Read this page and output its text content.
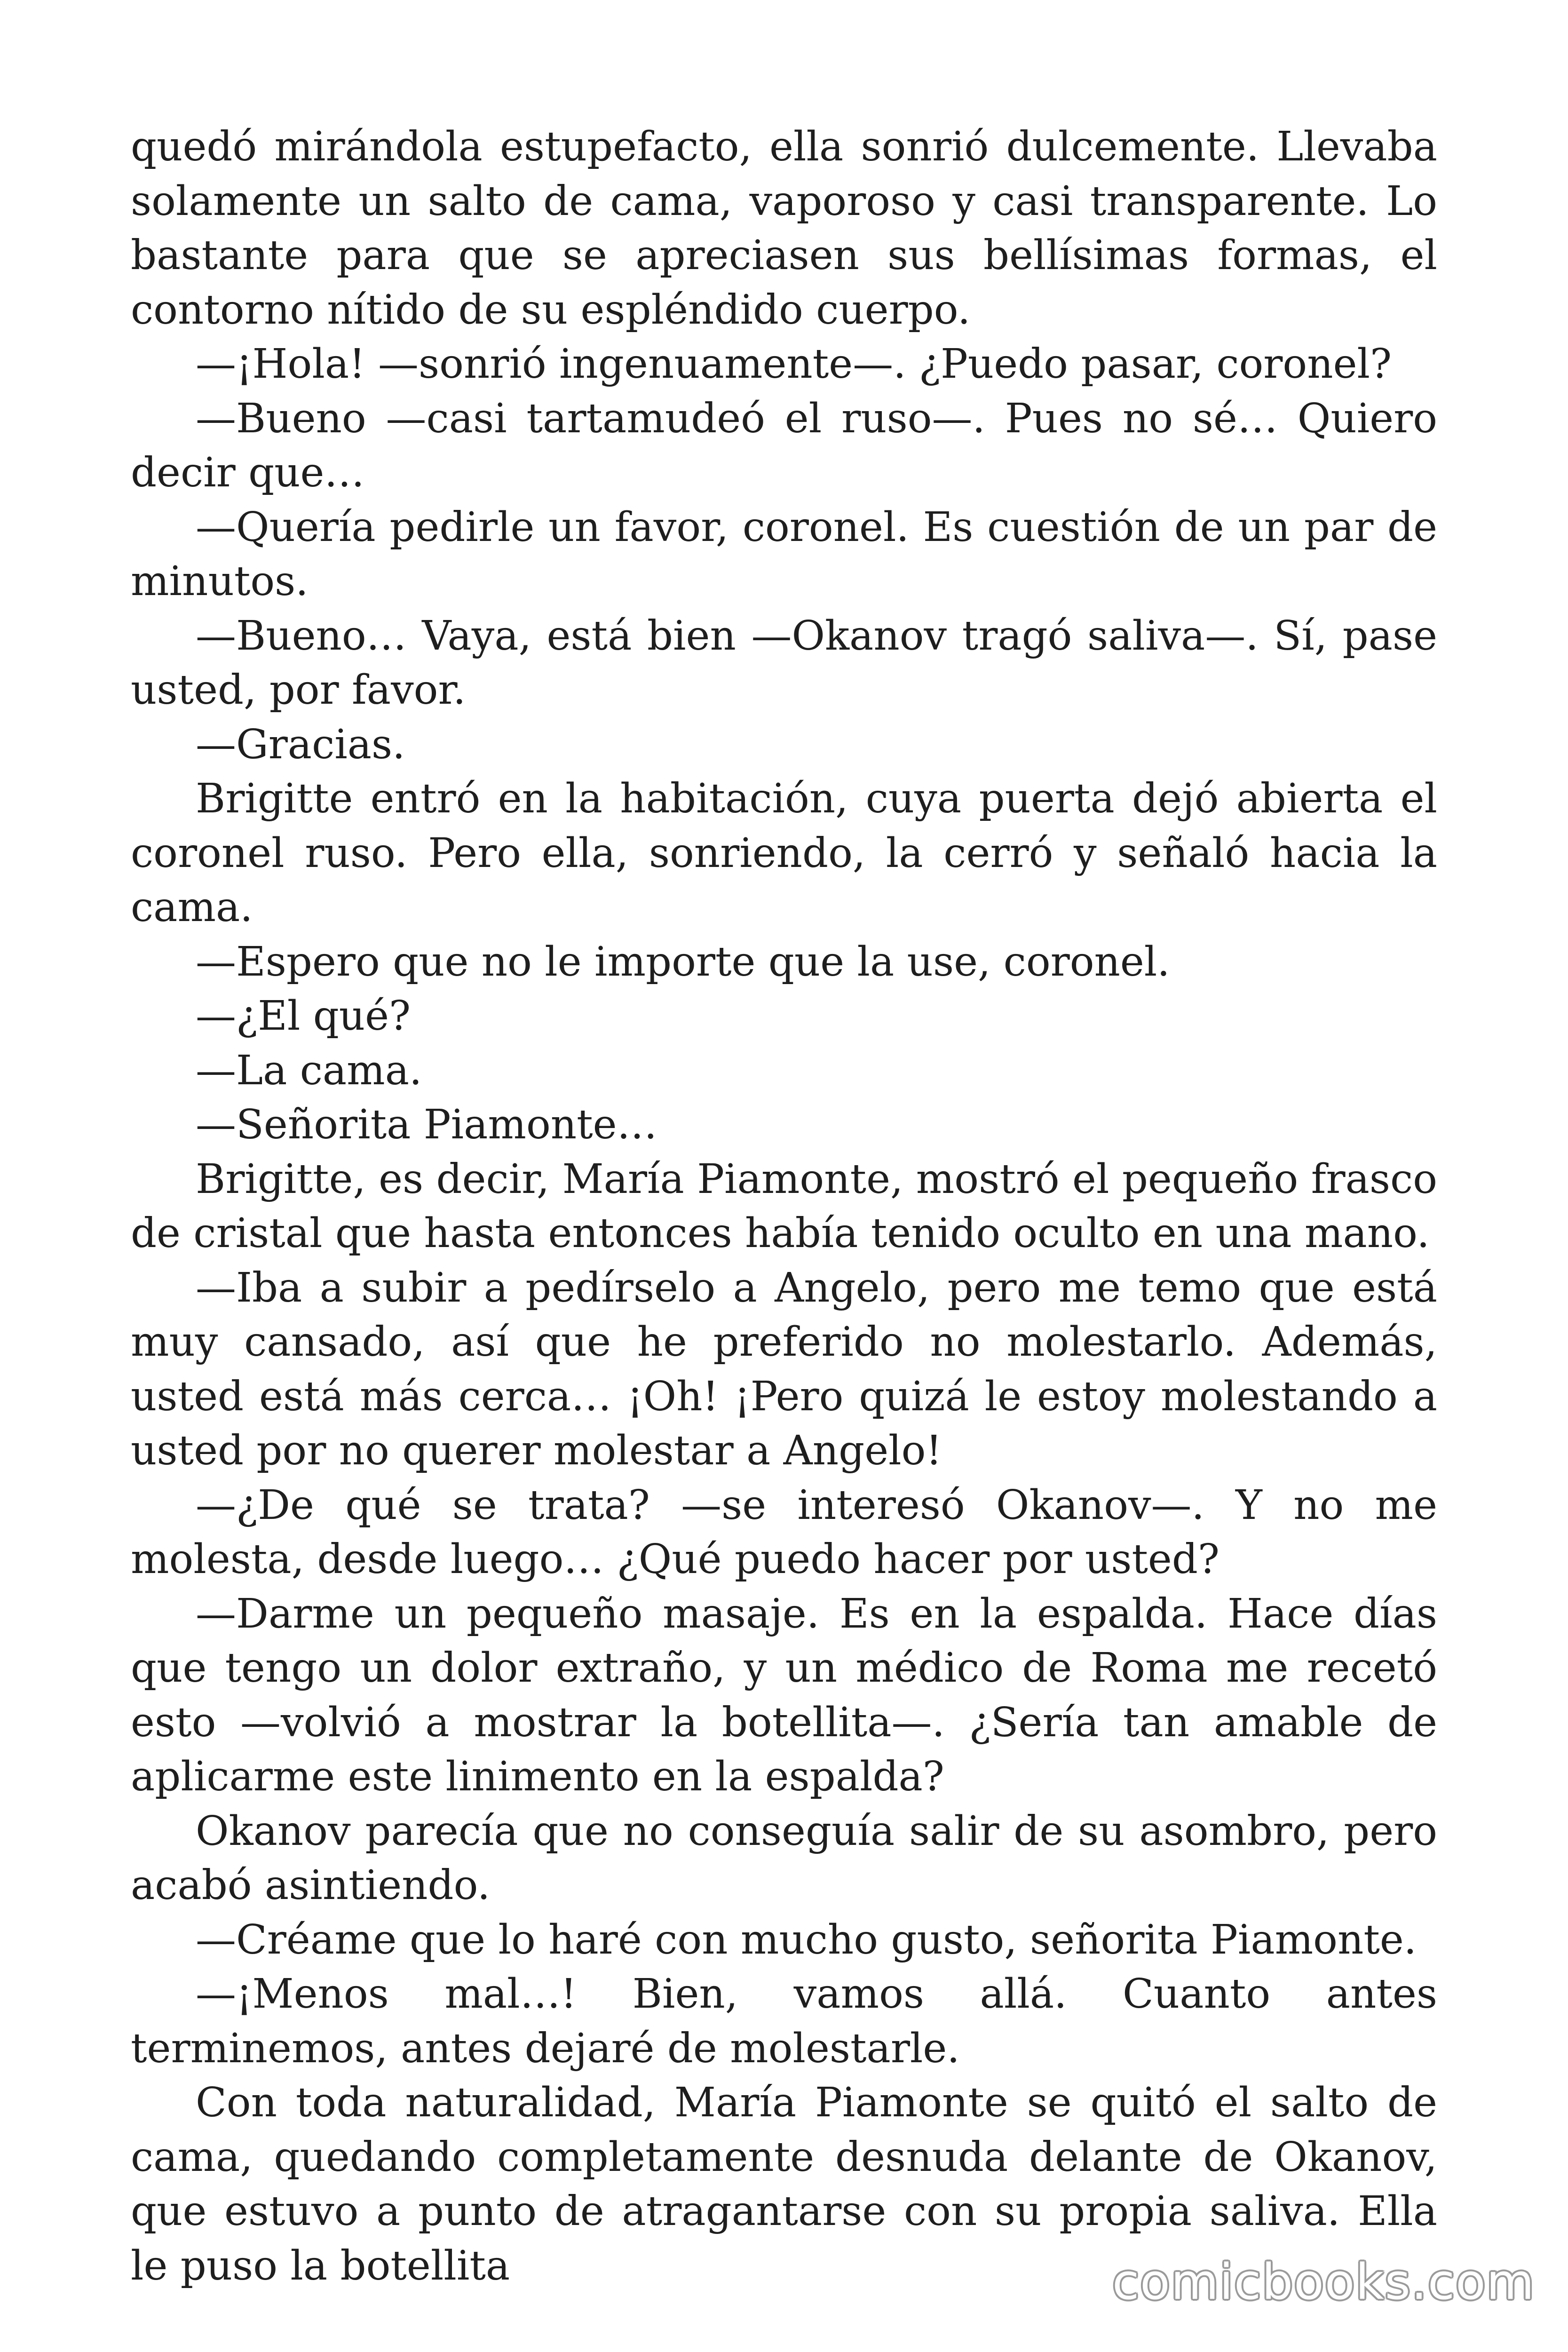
quedó mirándola estupefacto, ella sonrió dulcemente. Llevaba solamente un salto de cama, vaporoso y casi transparente. Lo bastante para que se apreciasen sus bellísimas formas, el contorno nítido de su espléndido cuerpo.

—¡Hola! —sonrió ingenuamente—. ¿Puedo pasar, coronel?

—Bueno —casi tartamudeó el ruso—. Pues no sé… Quiero decir que…

—Quería pedirle un favor, coronel. Es cuestión de un par de minutos.

—Bueno… Vaya, está bien —Okanov tragó saliva—. Sí, pase usted, por favor.

—Gracias.

Brigitte entró en la habitación, cuya puerta dejó abierta el coronel ruso. Pero ella, sonriendo, la cerró y señaló hacia la cama.

—Espero que no le importe que la use, coronel.

—¿El qué?

—La cama.

—Señorita Piamonte…

Brigitte, es decir, María Piamonte, mostró el pequeño frasco de cristal que hasta entonces había tenido oculto en una mano.

—Iba a subir a pedírselo a Angelo, pero me temo que está muy cansado, así que he preferido no molestarlo. Además, usted está más cerca… ¡Oh! ¡Pero quizá le estoy molestando a usted por no querer molestar a Angelo!

—¿De qué se trata? —se interesó Okanov—. Y no me molesta, desde luego… ¿Qué puedo hacer por usted?

—Darme un pequeño masaje. Es en la espalda. Hace días que tengo un dolor extraño, y un médico de Roma me recetó esto —volvió a mostrar la botellita—. ¿Sería tan amable de aplicarme este linimento en la espalda?

Okanov parecía que no conseguía salir de su asombro, pero acabó asintiendo.

—Créame que lo haré con mucho gusto, señorita Piamonte.

—¡Menos mal…! Bien, vamos allá. Cuanto antes terminemos, antes dejaré de molestarle.

Con toda naturalidad, María Piamonte se quitó el salto de cama, quedando completamente desnuda delante de Okanov, que estuvo a punto de atragantarse con su propia saliva. Ella le puso la botellita	comicbooks.com
